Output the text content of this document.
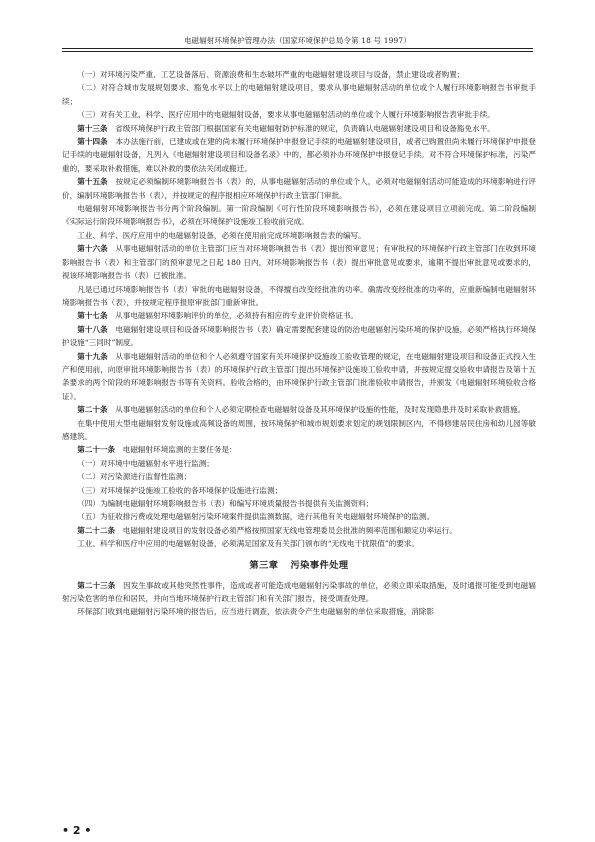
电磁辐射环境保护管理办法（国家环境保护总局令第 18 号 1997）

（一）对环境污染严重、工艺设备落后、资源浪费和生态破坏严重的电磁辐射建设项目与设备，禁止建设或者购置；

（二）对符合城市发展规划要求、豁免水平以上的电磁辐射建设项目，要求从事电磁辐射活动的单位或个人履行环境影响报告书审批手续；

（三）对有关工业、科学、医疗应用中的电磁辐射设备，要求从事电磁辐射活动的单位或个人履行环境影响报告表审批手续。

第十三条　 省级环境保护行政主管部门根据国家有关电磁辐射防护标准的规定，负责确认电磁辐射建设项目和设备豁免水平。

第十四条　 本办法施行前，已建成或在建的尚未履行环境保护申报登记手续的电磁辐射建设项目，或者已购置但尚未履行环境保护申报登记手续的电磁辐射设备，凡列入《电磁辐射建设项目和设备名录》中的，都必须补办环境保护申报登记手续。对不符合环境保护标准，污染严重的，要采取补救措施，难以补救的要依法关闭或搬迁。

第十五条　 按规定必须编制环境影响报告书（表）的，从事电磁辐射活动的单位或个人，必须对电磁辐射活动可能造成的环境影响进行评价，编制环境影响报告书（表），并按规定的程序报相应环境保护行政主管部门审批。

电磁辐射环境影响报告书分两个阶段编制。第一阶段编制《可行性阶段环境影响报告书》，必须在建设项目立项前完成。第二阶段编制《实际运行阶段环境影响报告书》，必须在环境保护设施竣工验收前完成。

工业、科学、医疗应用中的电磁辐射设备，必须在使用前完成环境影响报告表的编写。

第十六条　 从事电磁辐射活动的单位主管部门应当对环境影响报告书（表）提出预审意见；有审批权的环境保护行政主管部门在收到环境影响报告书（表）和主管部门的预审意见之日起 180 日内，对环境影响报告书（表）提出审批意见或要求，逾期不提出审批意见或要求的，视该环境影响报告书（表）已被批准。

凡是已通过环境影响报告书（表）审批的电磁辐射设备，不得擅自改变经批准的功率。确需改变经批准的功率的，应重新编制电磁辐射环境影响报告书（表），并按规定程序报原审批部门重新审批。

第十七条　 从事电磁辐射环境影响评价的单位，必须持有相应的专业评价资格证书。

第十八条　 电磁辐射建设项目和设备环境影响报告书（表）确定需要配套建设的防治电磁辐射污染环境的保护设施，必须严格执行环境保护设施“三同时”制度。

第十九条　 从事电磁辐射活动的单位和个人必须遵守国家有关环境保护设施竣工验收管理的规定，在电磁辐射建设项目和设备正式投入生产和使用前，向原审批环境影响报告书（表）的环境保护行政主管部门提出环境保护设施竣工验收申请，并按规定提交验收申请报告及第十五条要求的两个阶段的环境影响报告书等有关资料。验收合格的，由环境保护行政主管部门批准验收申请报告，并颁发《电磁辐射环境验收合格证》。

第二十条　 从事电磁辐射活动的单位和个人必须定期检查电磁辐射设备及其环境保护设施的性能，及时发现隐患并及时采取补救措施。

在集中使用大型电磁辐射发射设施或高频设备的周围，按环境保护和城市规划要求划定的规划限制区内，不得修建居民住房和幼儿园等敏感建筑。

第二十一条　 电磁辐射环境监测的主要任务是：

（一）对环境中电磁辐射水平进行监测；

（二）对污染源进行监督性监测；

（三）对环境保护设施竣工验收的各环境保护设施进行监测；

（四）为编制电磁辐射环境影响报告书（表）和编写环境质量报告书提供有关监测资料；

（五）为征收排污费或处理电磁辐射污染环境案件提供监测数据，进行其他有关电磁辐射环境保护的监测。

第二十二条　 电磁辐射建设项目的发射设备必须严格按照国家无线电管理委员会批准的频率范围和额定功率运行。

工业、科学和医疗中应用的电磁辐射设备，必须满足国家及有关部门颁布的“无线电干扰限值”的要求。

第三章 污染事件处理

第二十三条　 因发生事故或其他突然性事件，造成或者可能造成电磁辐射污染事故的单位，必须立即采取措施，及时通报可能受到电磁辐射污染危害的单位和居民，并向当地环境保护行政主管部门和有关部门报告，接受调查处理。

环保部门收到电磁辐射污染环境的报告后，应当进行调查，依法责令产生电磁辐射的单位采取措施，消除影

• 2 •
